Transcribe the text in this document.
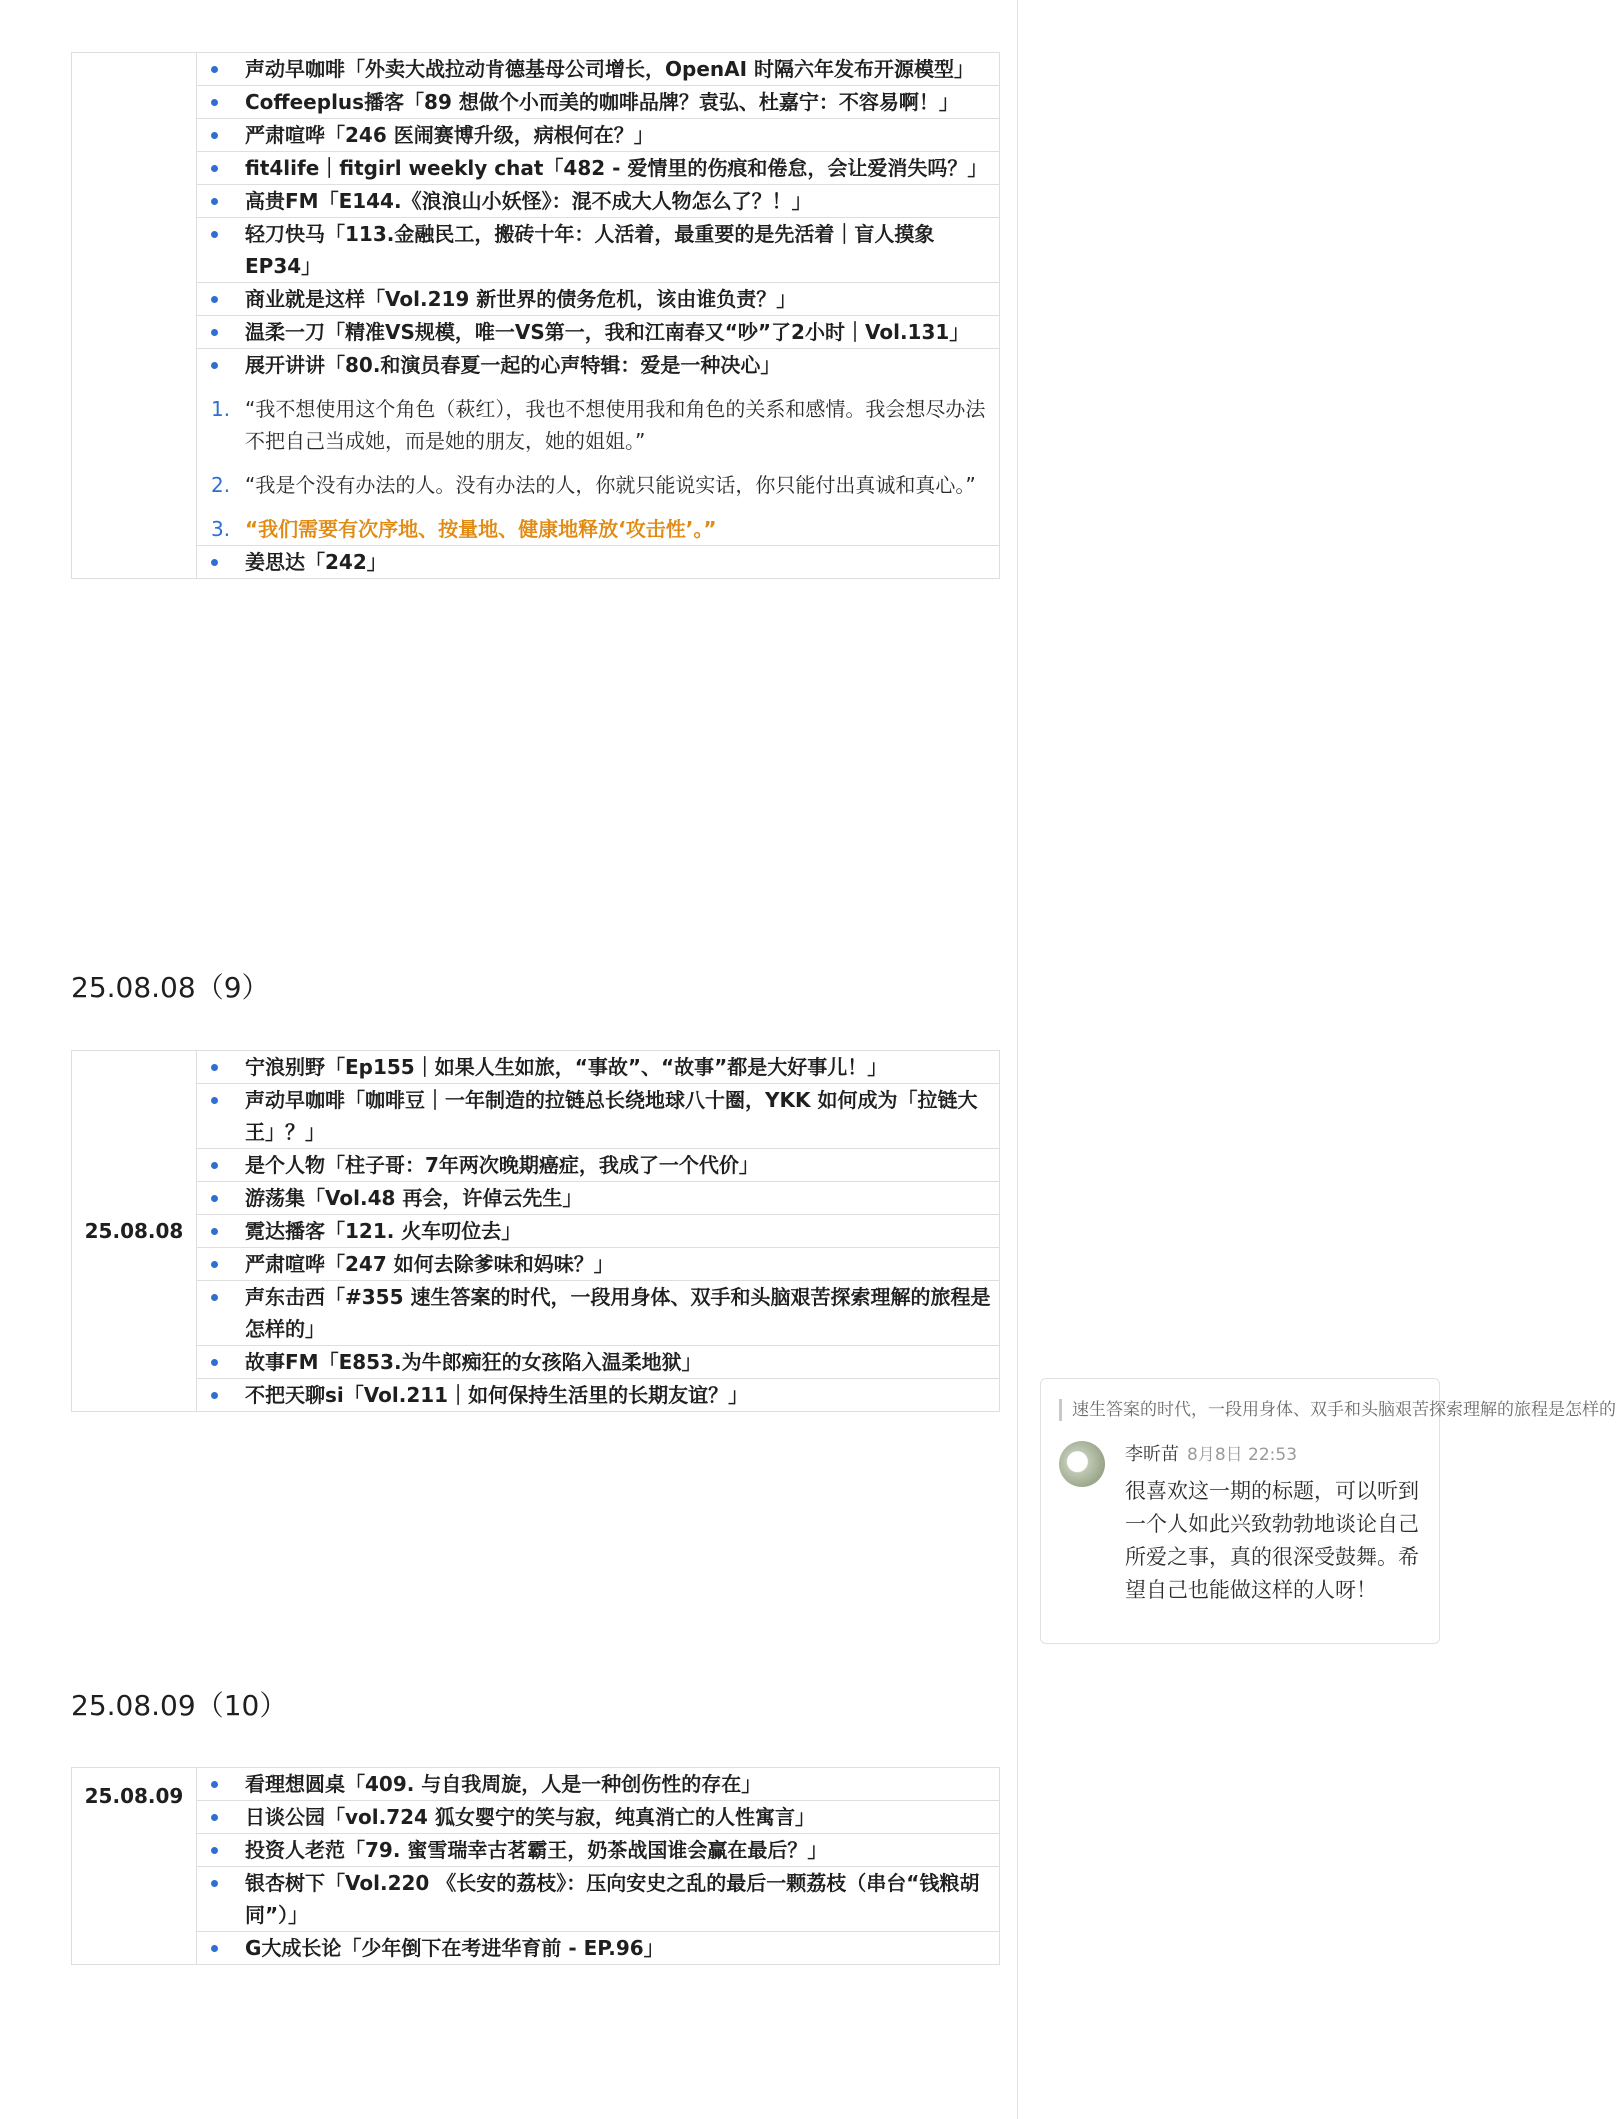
声动早咖啡「外卖大战拉动肯德基母公司增长，OpenAI 时隔六年发布开源模型」

Coffeeplus播客「89 想做个小而美的咖啡品牌？袁弘、杜嘉宁：不容易啊！」

严肃喧哗「246 医闹赛博升级，病根何在？」

fit4life｜fitgirl weekly chat「482 - 爱情里的伤痕和倦怠，会让爱消失吗？」

高贵FM「E144.《浪浪山小妖怪》：混不成大人物怎么了？！」

轻刀快马「113.金融民工，搬砖十年：人活着，最重要的是先活着｜盲人摸象 EP34」

商业就是这样「Vol.219 新世界的债务危机，该由谁负责？」

温柔一刀「精准VS规模，唯一VS第一，我和江南春又“吵”了2小时｜Vol.131」

展开讲讲「80.和演员春夏一起的心声特辑：爱是一种决心」
1. “我不想使用这个角色（萩红），我也不想使用我和角色的关系和感情。我会想尽办法不把自己当成她，而是她的朋友，她的姐姐。”
2. “我是个没有办法的人。没有办法的人，你就只能说实话，你只能付出真诚和真心。”
3. “我们需要有次序地、按量地、健康地释放‘攻击性’。”

姜思达「242」
25.08.08（9）
25.08.08	
宁浪别野「Ep155｜如果人生如旅，“事故”、“故事”都是大好事儿！」

声动早咖啡「咖啡豆｜一年制造的拉链总长绕地球八十圈，YKK 如何成为「拉链大王」？」

是个人物「柱子哥：7年两次晚期癌症，我成了一个代价」

游荡集「Vol.48 再会，许倬云先生」

霓达播客「121. 火车叨位去」

严肃喧哗「247 如何去除爹味和妈味？」

声东击西「#355 速生答案的时代，一段用身体、双手和头脑艰苦探索理解的旅程是怎样的」

故事FM「E853.为牛郎痴狂的女孩陷入温柔地狱」

不把天聊si「Vol.211｜如何保持生活里的长期友谊？」
25.08.09（10）
25.08.09	看理想圆桌「409. 与自我周旋，人是一种创伤性的存在」

日谈公园「vol.724 狐女婴宁的笑与寂，纯真消亡的人性寓言」

投资人老范「79. 蜜雪瑞幸古茗霸王，奶茶战国谁会赢在最后？」

银杏树下「Vol.220 《长安的荔枝》：压向安史之乱的最后一颗荔枝（串台“钱粮胡同”）」

G大成长论「少年倒下在考进华育前 - EP.96」
速生答案的时代，一段用身体、双手和头脑艰苦探索理解的旅程是怎样的
李昕苗 8月8日 22:53
很喜欢这一期的标题，可以听到一个人如此兴致勃勃地谈论自己所爱之事，真的很深受鼓舞。希望自己也能做这样的人呀！
